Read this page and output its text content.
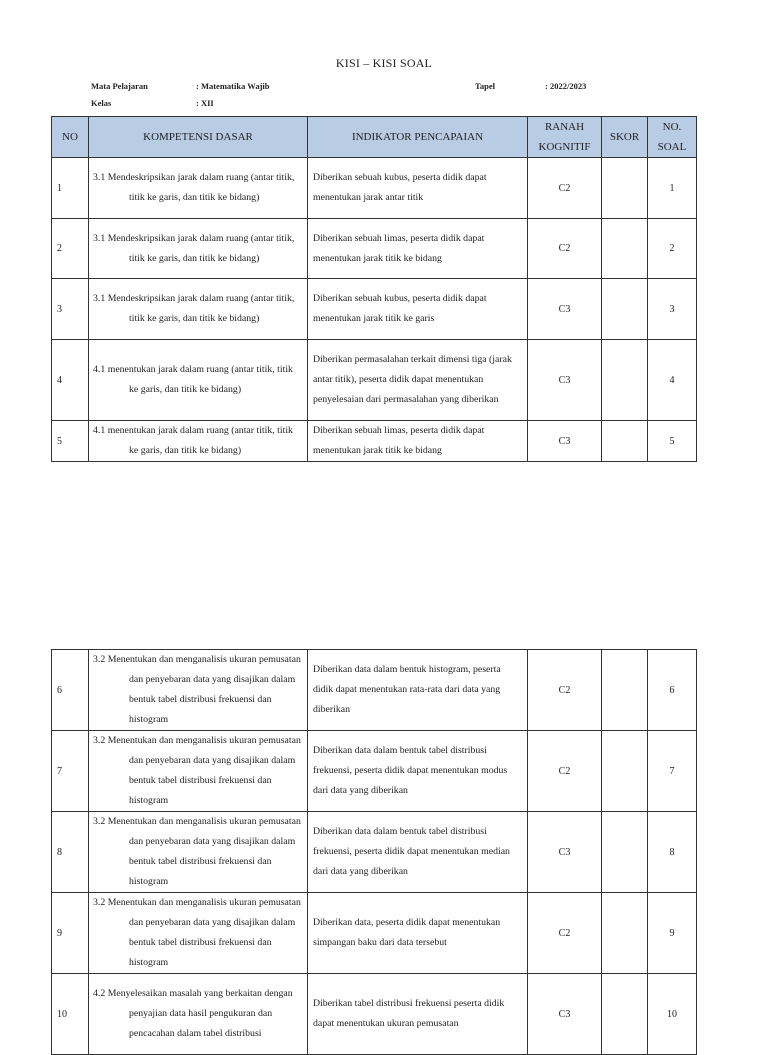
KISI – KISI SOAL
Mata Pelajaran	: Matematika Wajib	Tapel	: 2022/2023
Kelas	: XII
NO	KOMPETENSI DASAR	INDIKATOR PENCAPAIAN	RANAH KOGNITIF	SKOR	NO. SOAL
1	3.1 Mendeskripsikan jarak dalam ruang (antar titik, titik ke garis, dan titik ke bidang)	Diberikan sebuah kubus, peserta didik dapat menentukan jarak antar titik	C2		1
2	3.1 Mendeskripsikan jarak dalam ruang (antar titik, titik ke garis, dan titik ke bidang)	Diberikan sebuah limas, peserta didik dapat menentukan jarak titik ke bidang	C2		2
3	3.1 Mendeskripsikan jarak dalam ruang (antar titik, titik ke garis, dan titik ke bidang)	Diberikan sebuah kubus, peserta didik dapat menentukan jarak titik ke garis	C3		3
4	4.1 menentukan jarak dalam ruang (antar titik, titik ke garis, dan titik ke bidang)	Diberikan permasalahan terkait dimensi tiga (jarak antar titik), peserta didik dapat menentukan penyelesaian dari permasalahan yang diberikan	C3		4
5	4.1 menentukan jarak dalam ruang (antar titik, titik ke garis, dan titik ke bidang)	Diberikan sebuah limas, peserta didik dapat menentukan jarak titik ke bidang	C3		5
6	3.2 Menentukan dan menganalisis ukuran pemusatan dan penyebaran data yang disajikan dalam bentuk tabel distribusi frekuensi dan histogram	Diberikan data dalam bentuk histogram, peserta didik dapat menentukan rata-rata dari data yang diberikan	C2		6
7	3.2 Menentukan dan menganalisis ukuran pemusatan dan penyebaran data yang disajikan dalam bentuk tabel distribusi frekuensi dan histogram	Diberikan data dalam bentuk tabel distribusi frekuensi, peserta didik dapat menentukan modus dari data yang diberikan	C2		7
8	3.2 Menentukan dan menganalisis ukuran pemusatan dan penyebaran data yang disajikan dalam bentuk tabel distribusi frekuensi dan histogram	Diberikan data dalam bentuk tabel distribusi frekuensi, peserta didik dapat menentukan median dari data yang diberikan	C3		8
9	3.2 Menentukan dan menganalisis ukuran pemusatan dan penyebaran data yang disajikan dalam bentuk tabel distribusi frekuensi dan histogram	Diberikan data, peserta didik dapat menentukan simpangan baku dari data tersebut	C2		9
10	4.2 Menyelesaikan masalah yang berkaitan dengan penyajian data hasil pengukuran dan pencacahan dalam tabel distribusi	Diberikan tabel distribusi frekuensi peserta didik dapat menentukan ukuran pemusatan	C3		10
